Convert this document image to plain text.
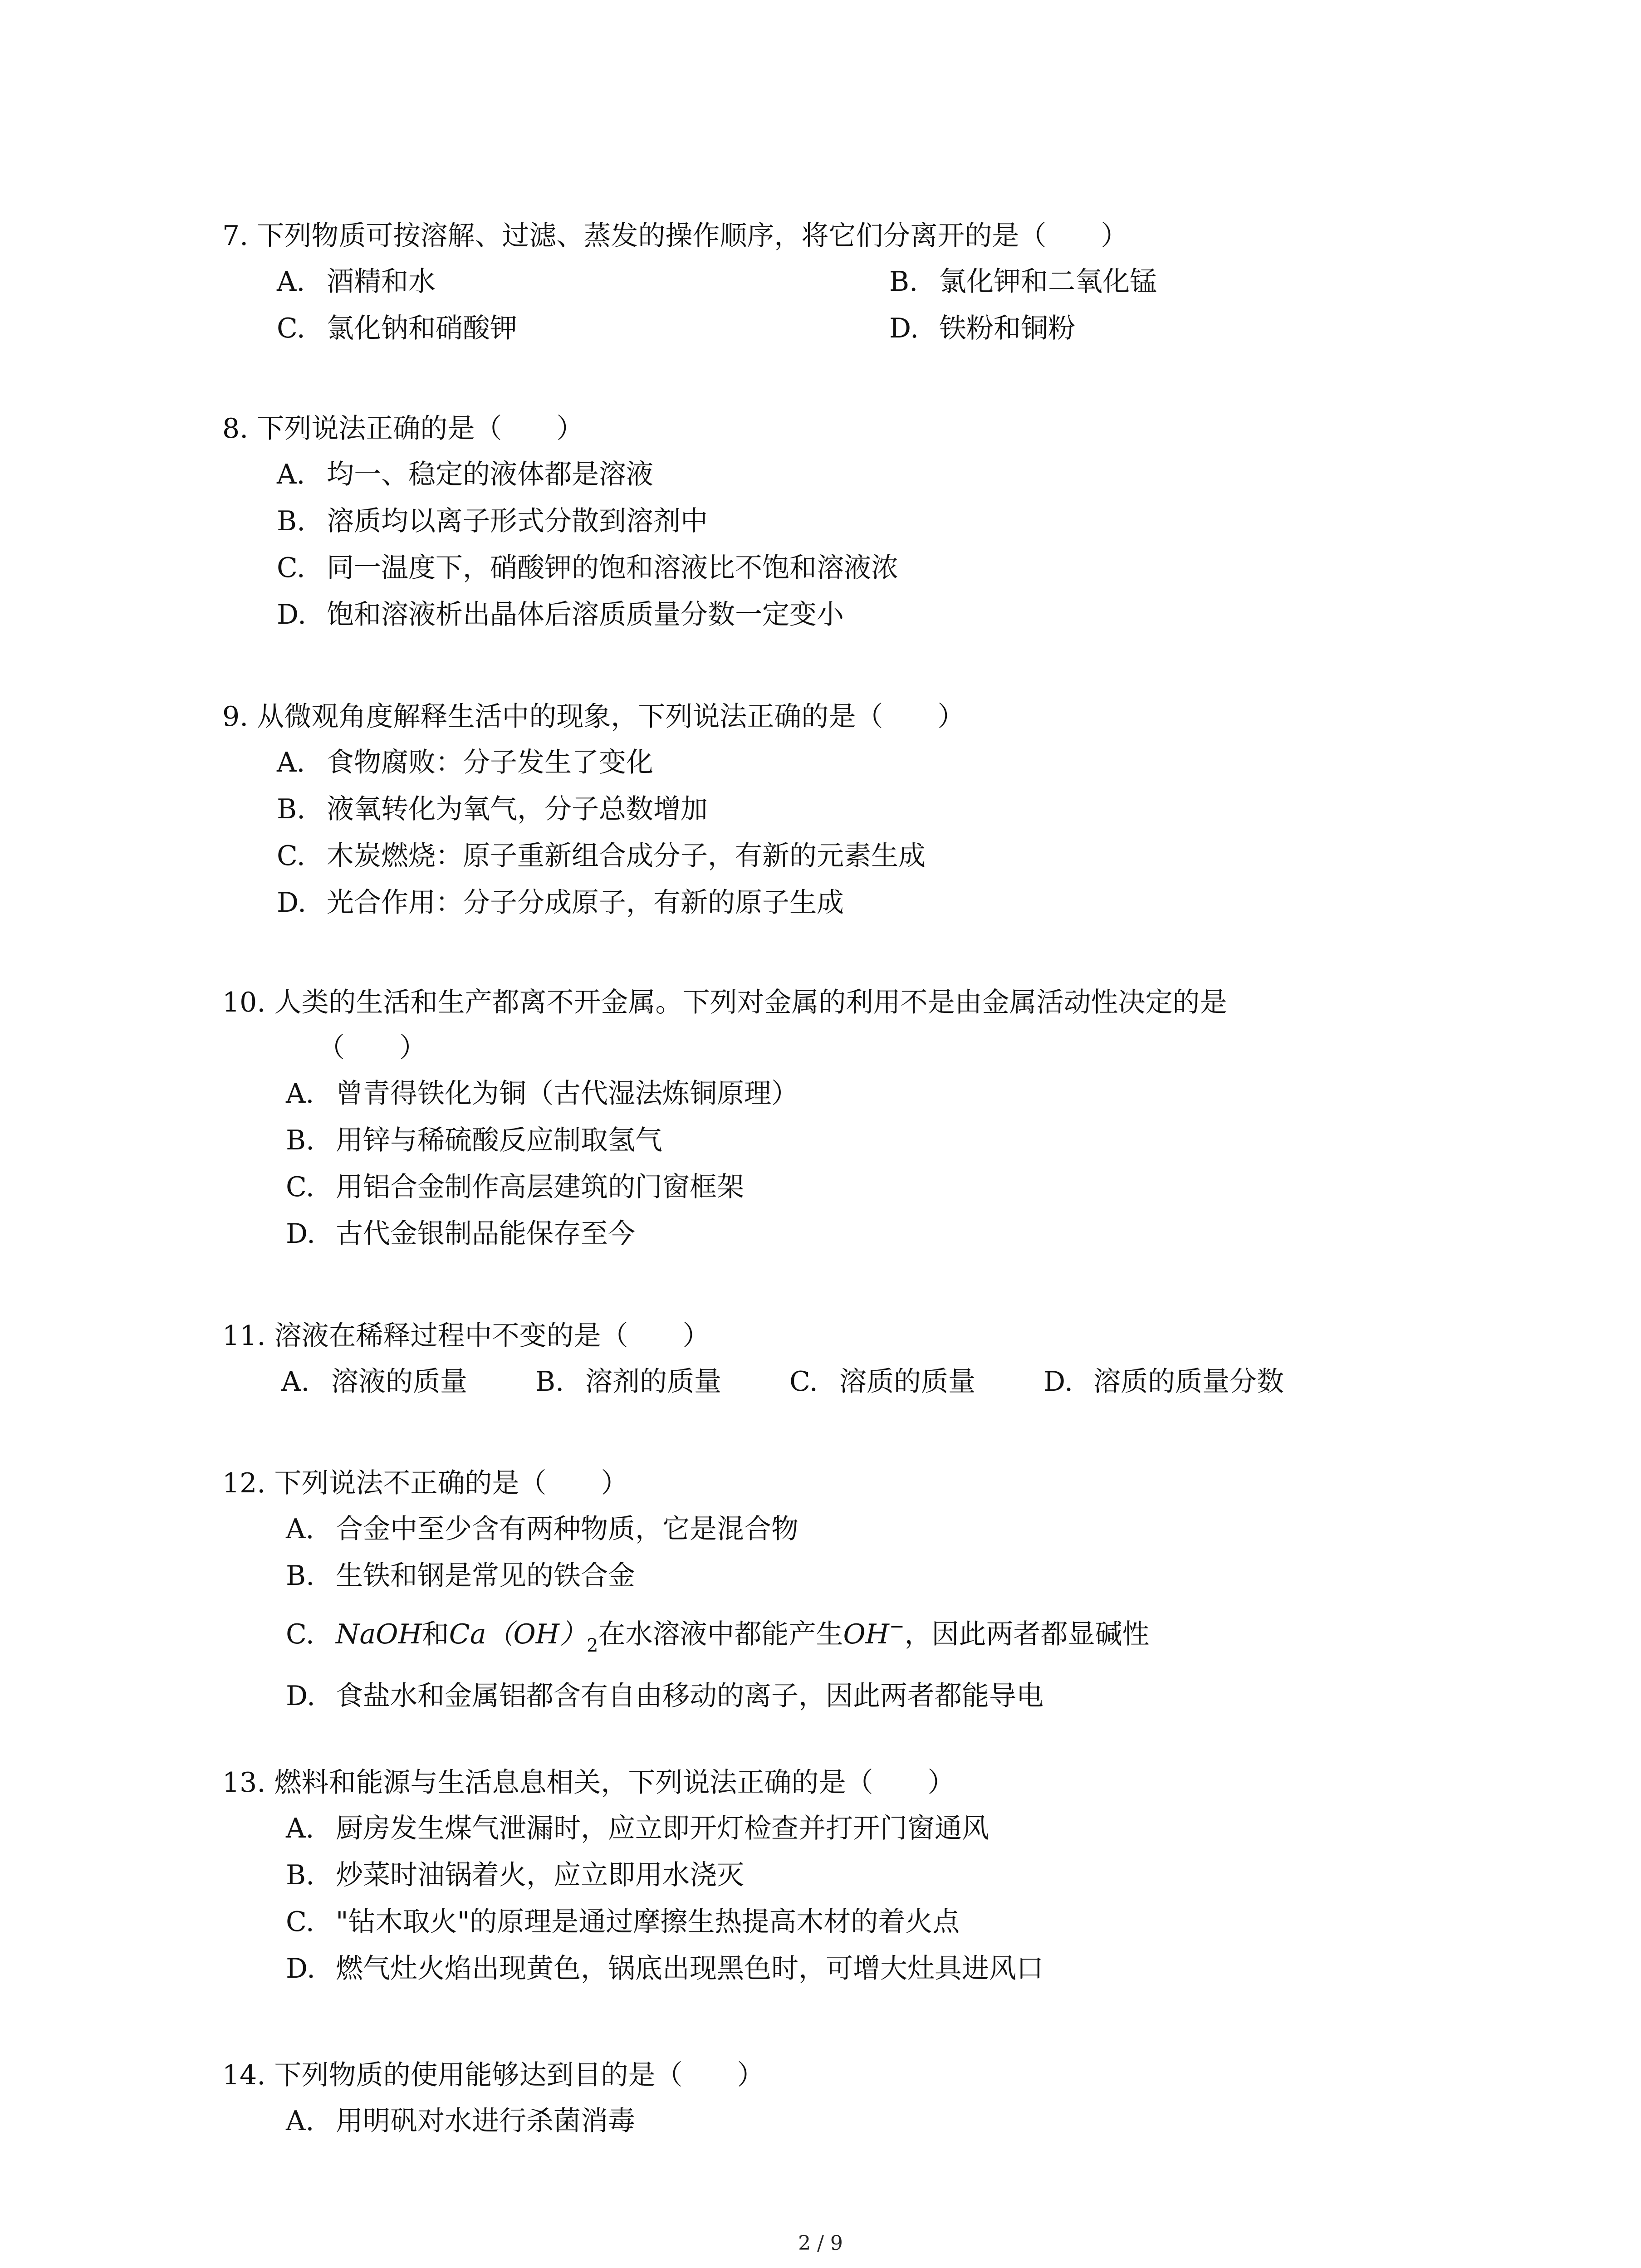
7. 下列物质可按溶解、过滤、蒸发的操作顺序，将它们分离开的是（　　）
A. 酒精和水	B. 氯化钾和二氧化锰
C. 氯化钠和硝酸钾	D. 铁粉和铜粉
8. 下列说法正确的是（　　）
A. 均一、稳定的液体都是溶液
B. 溶质均以离子形式分散到溶剂中
C. 同一温度下，硝酸钾的饱和溶液比不饱和溶液浓
D. 饱和溶液析出晶体后溶质质量分数一定变小
9. 从微观角度解释生活中的现象，下列说法正确的是（　　）
A. 食物腐败：分子发生了变化
B. 液氧转化为氧气，分子总数增加
C. 木炭燃烧：原子重新组合成分子，有新的元素生成
D. 光合作用：分子分成原子，有新的原子生成
10. 人类的生活和生产都离不开金属。下列对金属的利用不是由金属活动性决定的是
（　　）
A. 曾青得铁化为铜（古代湿法炼铜原理）
B. 用锌与稀硫酸反应制取氢气
C. 用铝合金制作高层建筑的门窗框架
D. 古代金银制品能保存至今
11. 溶液在稀释过程中不变的是（　　）
A. 溶液的质量	B. 溶剂的质量	C. 溶质的质量	D. 溶质的质量分数
12. 下列说法不正确的是（　　）
A. 合金中至少含有两种物质，它是混合物
B. 生铁和钢是常见的铁合金
C. NaOH和$Ca(OH)_2$在水溶液中都能产生OH−，因此两者都显碱性
D. 食盐水和金属铝都含有自由移动的离子，因此两者都能导电
13. 燃料和能源与生活息息相关，下列说法正确的是（　　）
A. 厨房发生煤气泄漏时，应立即开灯检查并打开门窗通风
B. 炒菜时油锅着火，应立即用水浇灭
C. "钻木取火"的原理是通过摩擦生热提高木材的着火点
D. 燃气灶火焰出现黄色，锅底出现黑色时，可增大灶具进风口
14. 下列物质的使用能够达到目的是（　　）
A. 用明矾对水进行杀菌消毒
2 / 9
